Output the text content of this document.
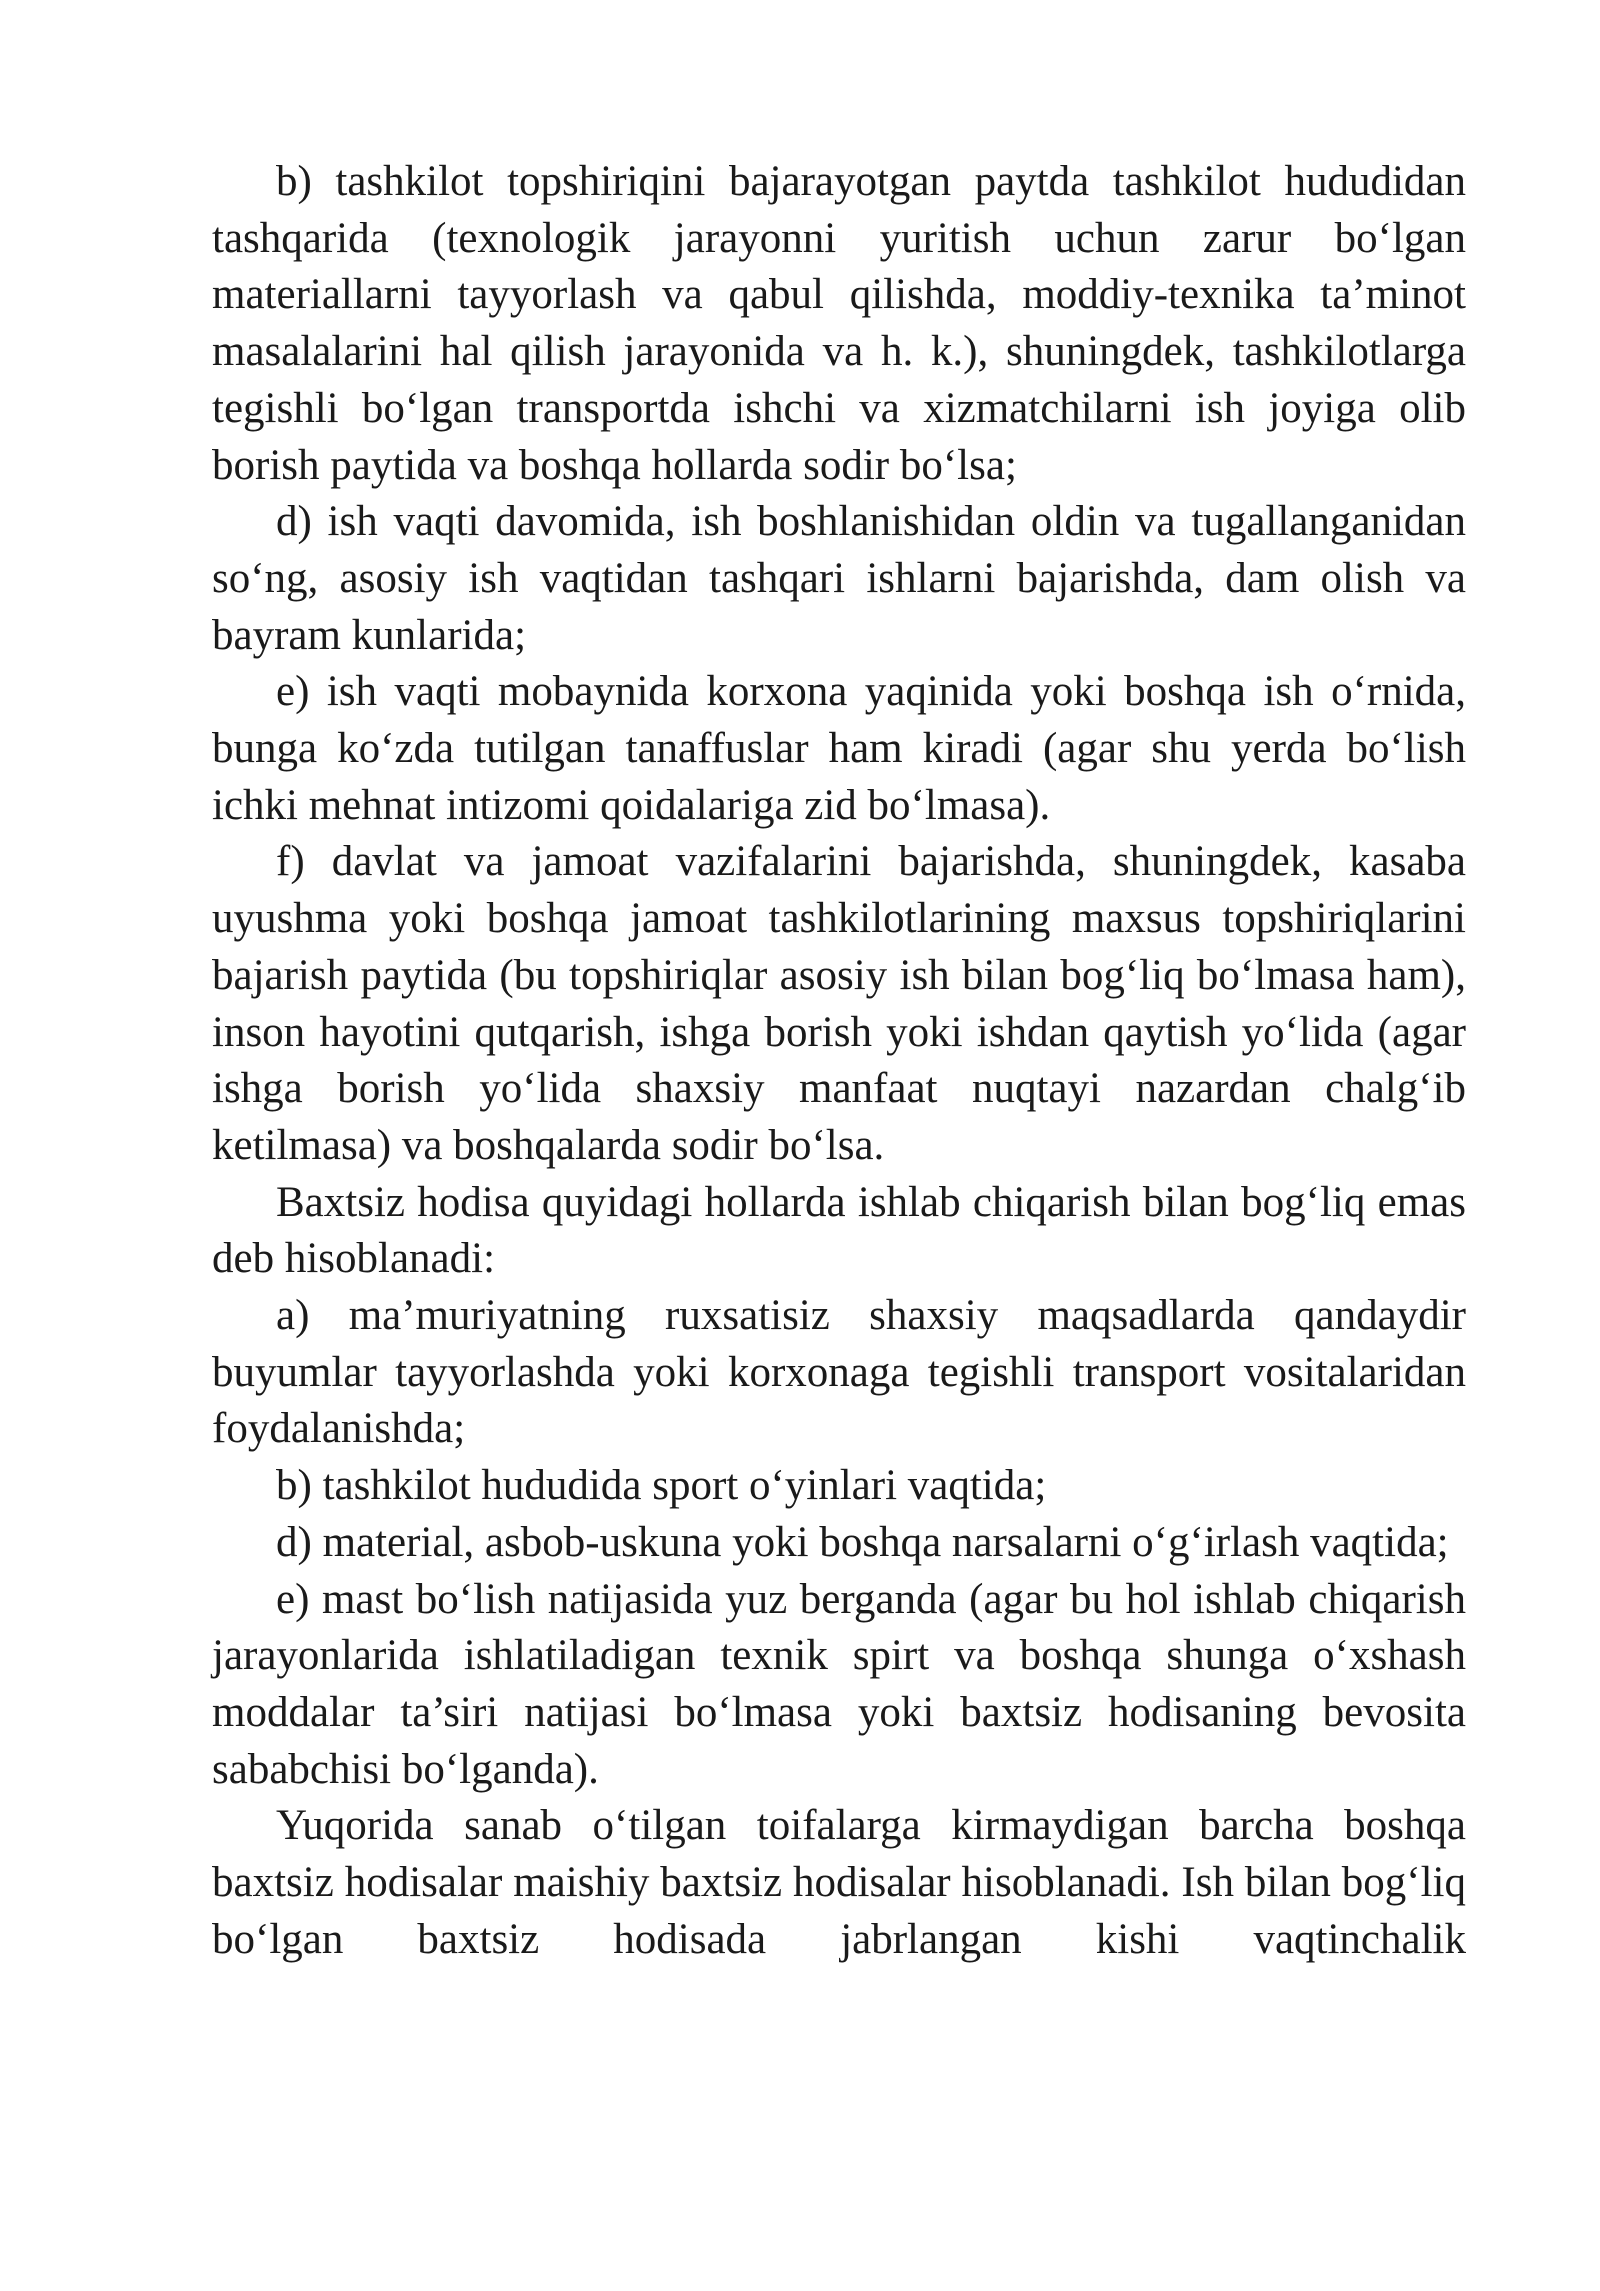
b) tashkilot topshiriqini bajarayotgan paytda tashkilot hududidan tashqarida (texnologik jarayonni yuritish uchun zarur bo‘lgan materiallarni tayyorlash va qabul qilishda, moddiy-texnika ta’minot masalalarini hal qilish jarayonida va h. k.), shuningdek, tashkilotlarga tegishli bo‘lgan transportda ishchi va xizmatchilarni ish joyiga olib borish paytida va boshqa hollarda sodir bo‘lsa;

d) ish vaqti davomida, ish boshlanishidan oldin va tugallanganidan so‘ng, asosiy ish vaqtidan tashqari ishlarni bajarishda, dam olish va bayram kunlarida;

e) ish vaqti mobaynida korxona yaqinida yoki boshqa ish o‘rnida, bunga ko‘zda tutilgan tanaffuslar ham kiradi (agar shu yerda bo‘lish ichki mehnat intizomi qoidalariga zid bo‘lmasa).

f) davlat va jamoat vazifalarini bajarishda, shuningdek, kasaba uyushma yoki boshqa jamoat tashkilotlarining maxsus topshiriqlarini bajarish paytida (bu topshiriqlar asosiy ish bilan bog‘liq bo‘lmasa ham), inson hayotini qutqarish, ishga borish yoki ishdan qaytish yo‘lida (agar ishga borish yo‘lida shaxsiy manfaat nuqtayi nazardan chalg‘ib ketilmasa) va boshqalarda sodir bo‘lsa.

Baxtsiz hodisa quyidagi hollarda ishlab chiqarish bilan bog‘liq emas deb hisoblanadi:

a) ma’muriyatning ruxsatisiz shaxsiy maqsadlarda qandaydir buyumlar tayyorlashda yoki korxonaga tegishli transport vositalaridan foydalanishda;

b) tashkilot hududida sport o‘yinlari vaqtida;

d) material, asbob-uskuna yoki boshqa narsalarni o‘g‘irlash vaqtida;

e) mast bo‘lish natijasida yuz berganda (agar bu hol ishlab chiqarish jarayonlarida ishlatiladigan texnik spirt va boshqa shunga o‘xshash moddalar ta’siri natijasi bo‘lmasa yoki baxtsiz hodisaning bevosita sababchisi bo‘lganda).

Yuqorida sanab o‘tilgan toifalarga kirmaydigan barcha boshqa baxtsiz hodisalar maishiy baxtsiz hodisalar hisoblanadi. Ish bilan bog‘liq bo‘lgan baxtsiz hodisada jabrlangan kishi vaqtinchalik
